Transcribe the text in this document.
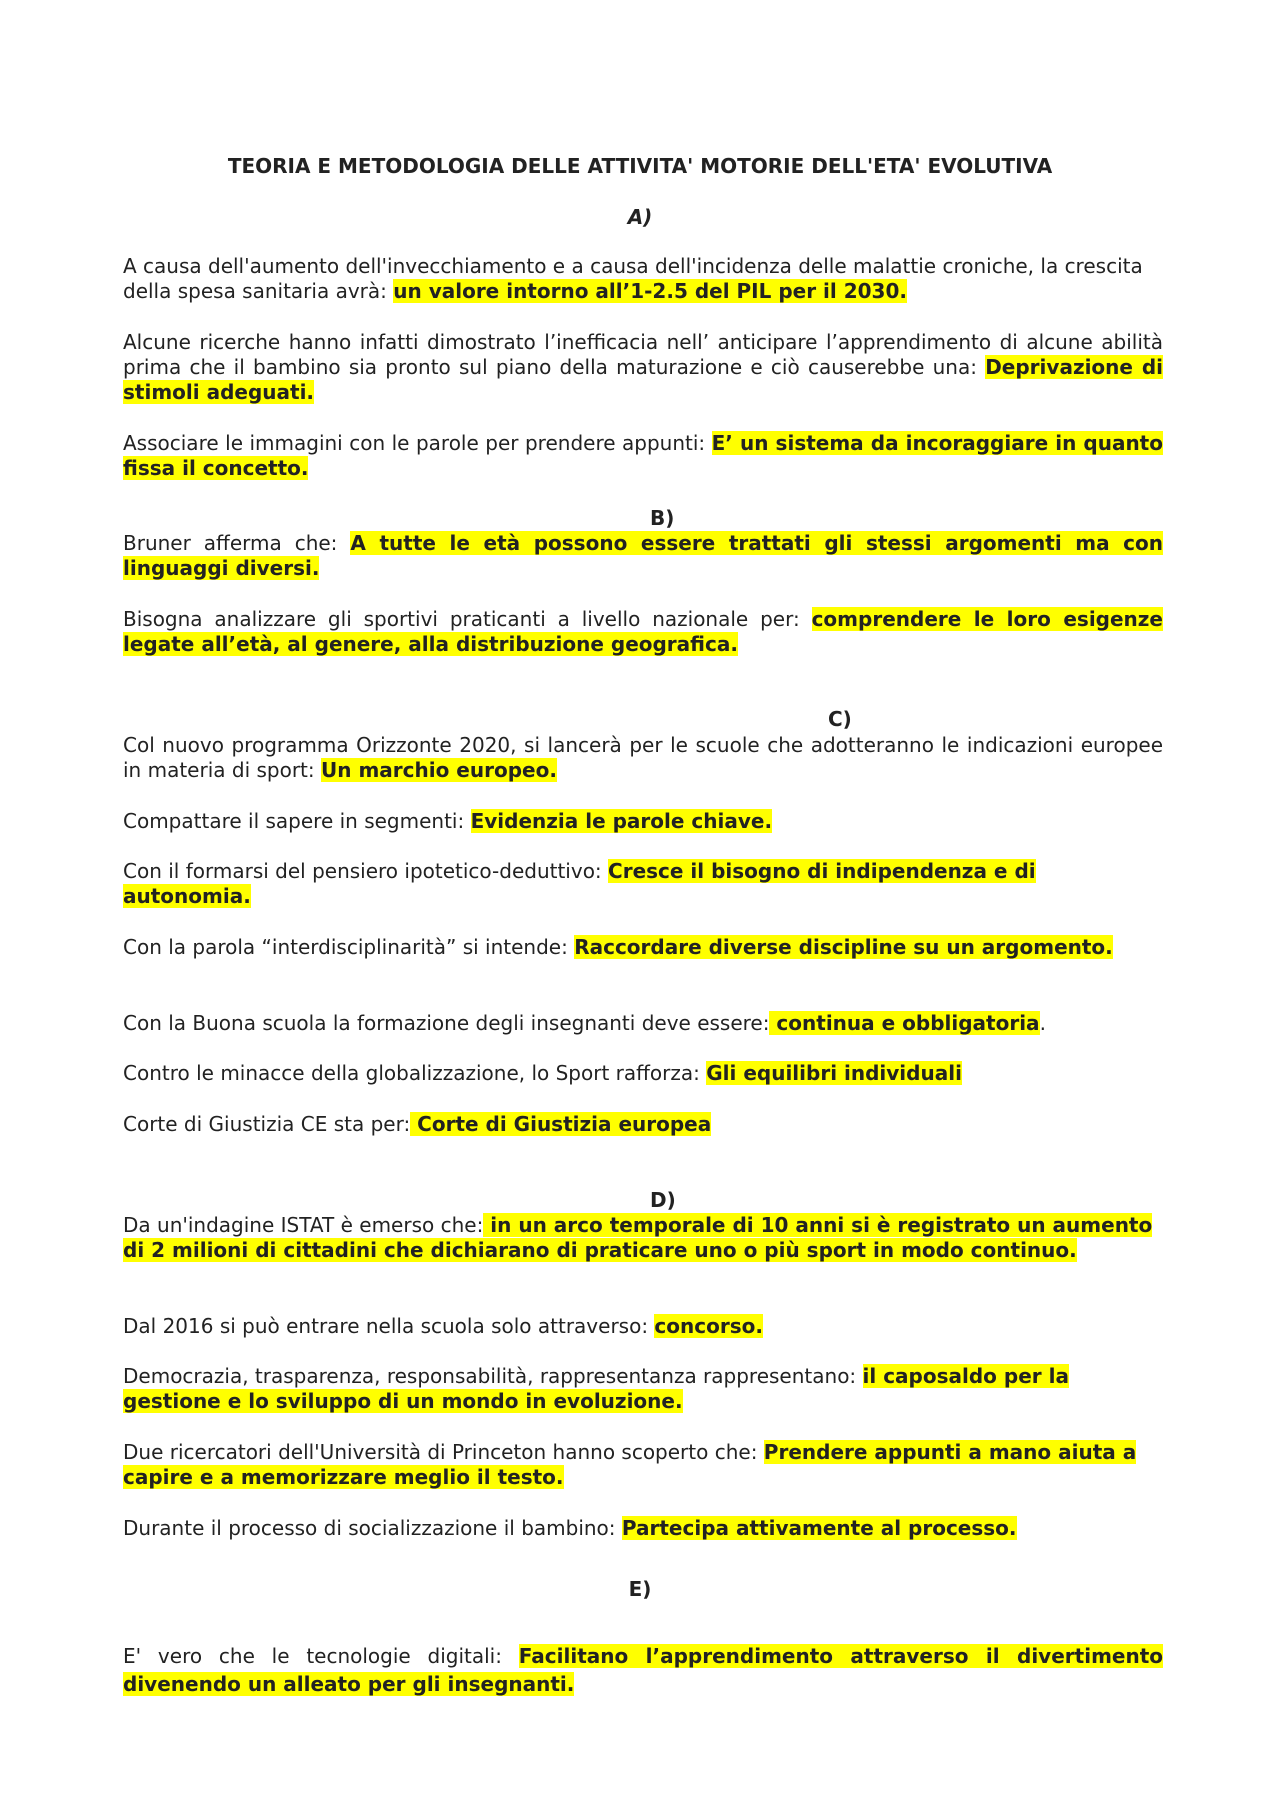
TEORIA E METODOLOGIA DELLE ATTIVITA' MOTORIE DELL'ETA' EVOLUTIVA
A)

A causa dell'aumento dell'invecchiamento e a causa dell'incidenza delle malattie croniche, la crescita della spesa sanitaria avrà: un valore intorno all’1-2.5 del PIL per il 2030.

Alcune ricerche hanno infatti dimostrato l’inefficacia nell’ anticipare l’apprendimento di alcune abilità prima che il bambino sia pronto sul piano della maturazione e ciò causerebbe una: Deprivazione di stimoli adeguati.

Associare le immagini con le parole per prendere appunti: E’ un sistema da incoraggiare in quanto fissa il concetto.

B)

Bruner afferma che: A tutte le età possono essere trattati gli stessi argomenti ma con linguaggi diversi.

Bisogna analizzare gli sportivi praticanti a livello nazionale per: comprendere le loro esigenze legate all’età, al genere, alla distribuzione geografica.

C)

Col nuovo programma Orizzonte 2020, si lancerà per le scuole che adotteranno le indicazioni europee in materia di sport: Un marchio europeo.

Compattare il sapere in segmenti: Evidenzia le parole chiave.

Con il formarsi del pensiero ipotetico-deduttivo: Cresce il bisogno di indipendenza e di autonomia.

Con la parola “interdisciplinarità” si intende: Raccordare diverse discipline su un argomento.

Con la Buona scuola la formazione degli insegnanti deve essere: continua e obbligatoria.

Contro le minacce della globalizzazione, lo Sport rafforza: Gli equilibri individuali

Corte di Giustizia CE sta per: Corte di Giustizia europea

D)

Da un'indagine ISTAT è emerso che: in un arco temporale di 10 anni si è registrato un aumento di 2 milioni di cittadini che dichiarano di praticare uno o più sport in modo continuo.

Dal 2016 si può entrare nella scuola solo attraverso: concorso.

Democrazia, trasparenza, responsabilità, rappresentanza rappresentano: il caposaldo per la gestione e lo sviluppo di un mondo in evoluzione.

Due ricercatori dell'Università di Princeton hanno scoperto che: Prendere appunti a mano aiuta a capire e a memorizzare meglio il testo.

Durante il processo di socializzazione il bambino: Partecipa attivamente al processo.

E)

E' vero che le tecnologie digitali: Facilitano l’apprendimento attraverso il divertimento divenendo un alleato per gli insegnanti.
